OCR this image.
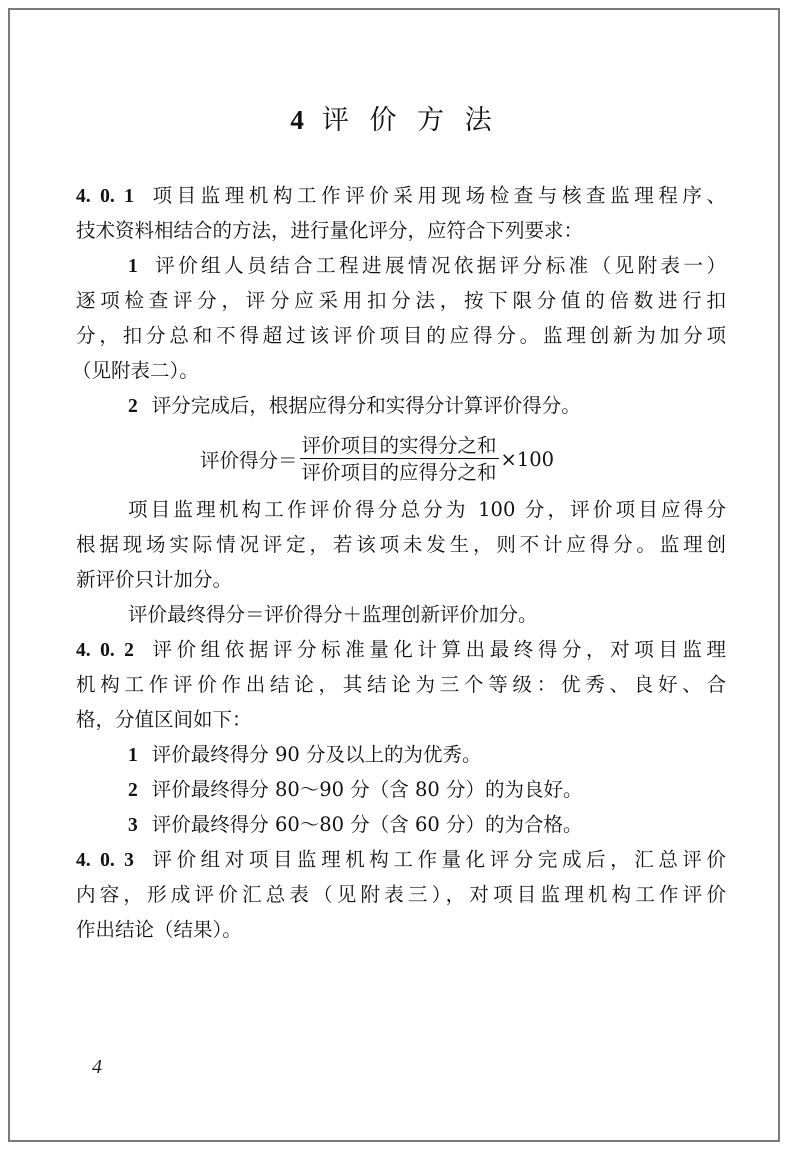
4 评 价 方 法
4. 0. 1 项目监理机构工作评价采用现场检查与核查监理程序、
技术资料相结合的方法，进行量化评分，应符合下列要求：
1 评价组人员结合工程进展情况依据评分标准（见附表一）
逐项检查评分，评分应采用扣分法，按下限分值的倍数进行扣
分，扣分总和不得超过该评价项目的应得分。监理创新为加分项
（见附表二）。
2 评分完成后，根据应得分和实得分计算评价得分。
评价得分＝ $\frac{\text{评价项目的实得分之和}}{\text{评价项目的应得分之和}} \times 100$
项目监理机构工作评价得分总分为 100 分，评价项目应得分
根据现场实际情况评定，若该项未发生，则不计应得分。监理创
新评价只计加分。
评价最终得分＝评价得分＋监理创新评价加分。
4. 0. 2 评价组依据评分标准量化计算出最终得分，对项目监理
机构工作评价作出结论，其结论为三个等级：优秀、良好、合
格，分值区间如下：
1 评价最终得分 90 分及以上的为优秀。
2 评价最终得分 80～90 分（含 80 分）的为良好。
3 评价最终得分 60～80 分（含 60 分）的为合格。
4. 0. 3 评价组对项目监理机构工作量化评分完成后，汇总评价
内容，形成评价汇总表（见附表三），对项目监理机构工作评价
作出结论（结果）。
4
